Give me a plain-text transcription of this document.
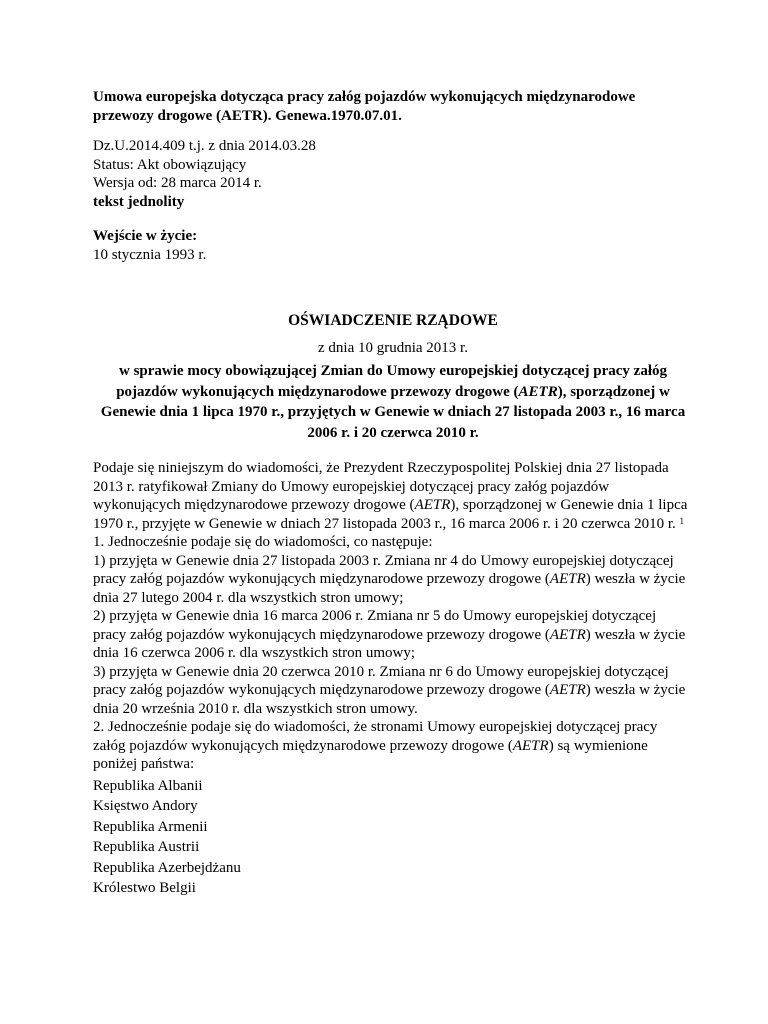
Umowa europejska dotycząca pracy załóg pojazdów wykonujących międzynarodowe przewozy drogowe (AETR). Genewa.1970.07.01.

Dz.U.2014.409 t.j. z dnia 2014.03.28

Status: Akt obowiązujący

Wersja od: 28 marca 2014 r.

tekst jednolity

Wejście w życie:

10 stycznia 1993 r.

OŚWIADCZENIE RZĄDOWE

z dnia 10 grudnia 2013 r.

w sprawie mocy obowiązującej Zmian do Umowy europejskiej dotyczącej pracy załóg pojazdów wykonujących międzynarodowe przewozy drogowe (AETR), sporządzonej w Genewie dnia 1 lipca 1970 r., przyjętych w Genewie w dniach 27 listopada 2003 r., 16 marca 2006 r. i 20 czerwca 2010 r.

Podaje się niniejszym do wiadomości, że Prezydent Rzeczypospolitej Polskiej dnia 27 listopada 2013 r. ratyfikował Zmiany do Umowy europejskiej dotyczącej pracy załóg pojazdów wykonujących międzynarodowe przewozy drogowe (AETR), sporządzonej w Genewie dnia 1 lipca 1970 r., przyjęte w Genewie w dniach 27 listopada 2003 r., 16 marca 2006 r. i 20 czerwca 2010 r. $^1$

1. Jednocześnie podaje się do wiadomości, co następuje:

1) przyjęta w Genewie dnia 27 listopada 2003 r. Zmiana nr 4 do Umowy europejskiej dotyczącej pracy załóg pojazdów wykonujących międzynarodowe przewozy drogowe (AETR) weszła w życie dnia 27 lutego 2004 r. dla wszystkich stron umowy;

2) przyjęta w Genewie dnia 16 marca 2006 r. Zmiana nr 5 do Umowy europejskiej dotyczącej pracy załóg pojazdów wykonujących międzynarodowe przewozy drogowe (AETR) weszła w życie dnia 16 czerwca 2006 r. dla wszystkich stron umowy;

3) przyjęta w Genewie dnia 20 czerwca 2010 r. Zmiana nr 6 do Umowy europejskiej dotyczącej pracy załóg pojazdów wykonujących międzynarodowe przewozy drogowe (AETR) weszła w życie dnia 20 września 2010 r. dla wszystkich stron umowy.

2. Jednocześnie podaje się do wiadomości, że stronami Umowy europejskiej dotyczącej pracy załóg pojazdów wykonujących międzynarodowe przewozy drogowe (AETR) są wymienione poniżej państwa:

Republika Albanii

Księstwo Andory

Republika Armenii

Republika Austrii

Republika Azerbejdżanu

Królestwo Belgii
